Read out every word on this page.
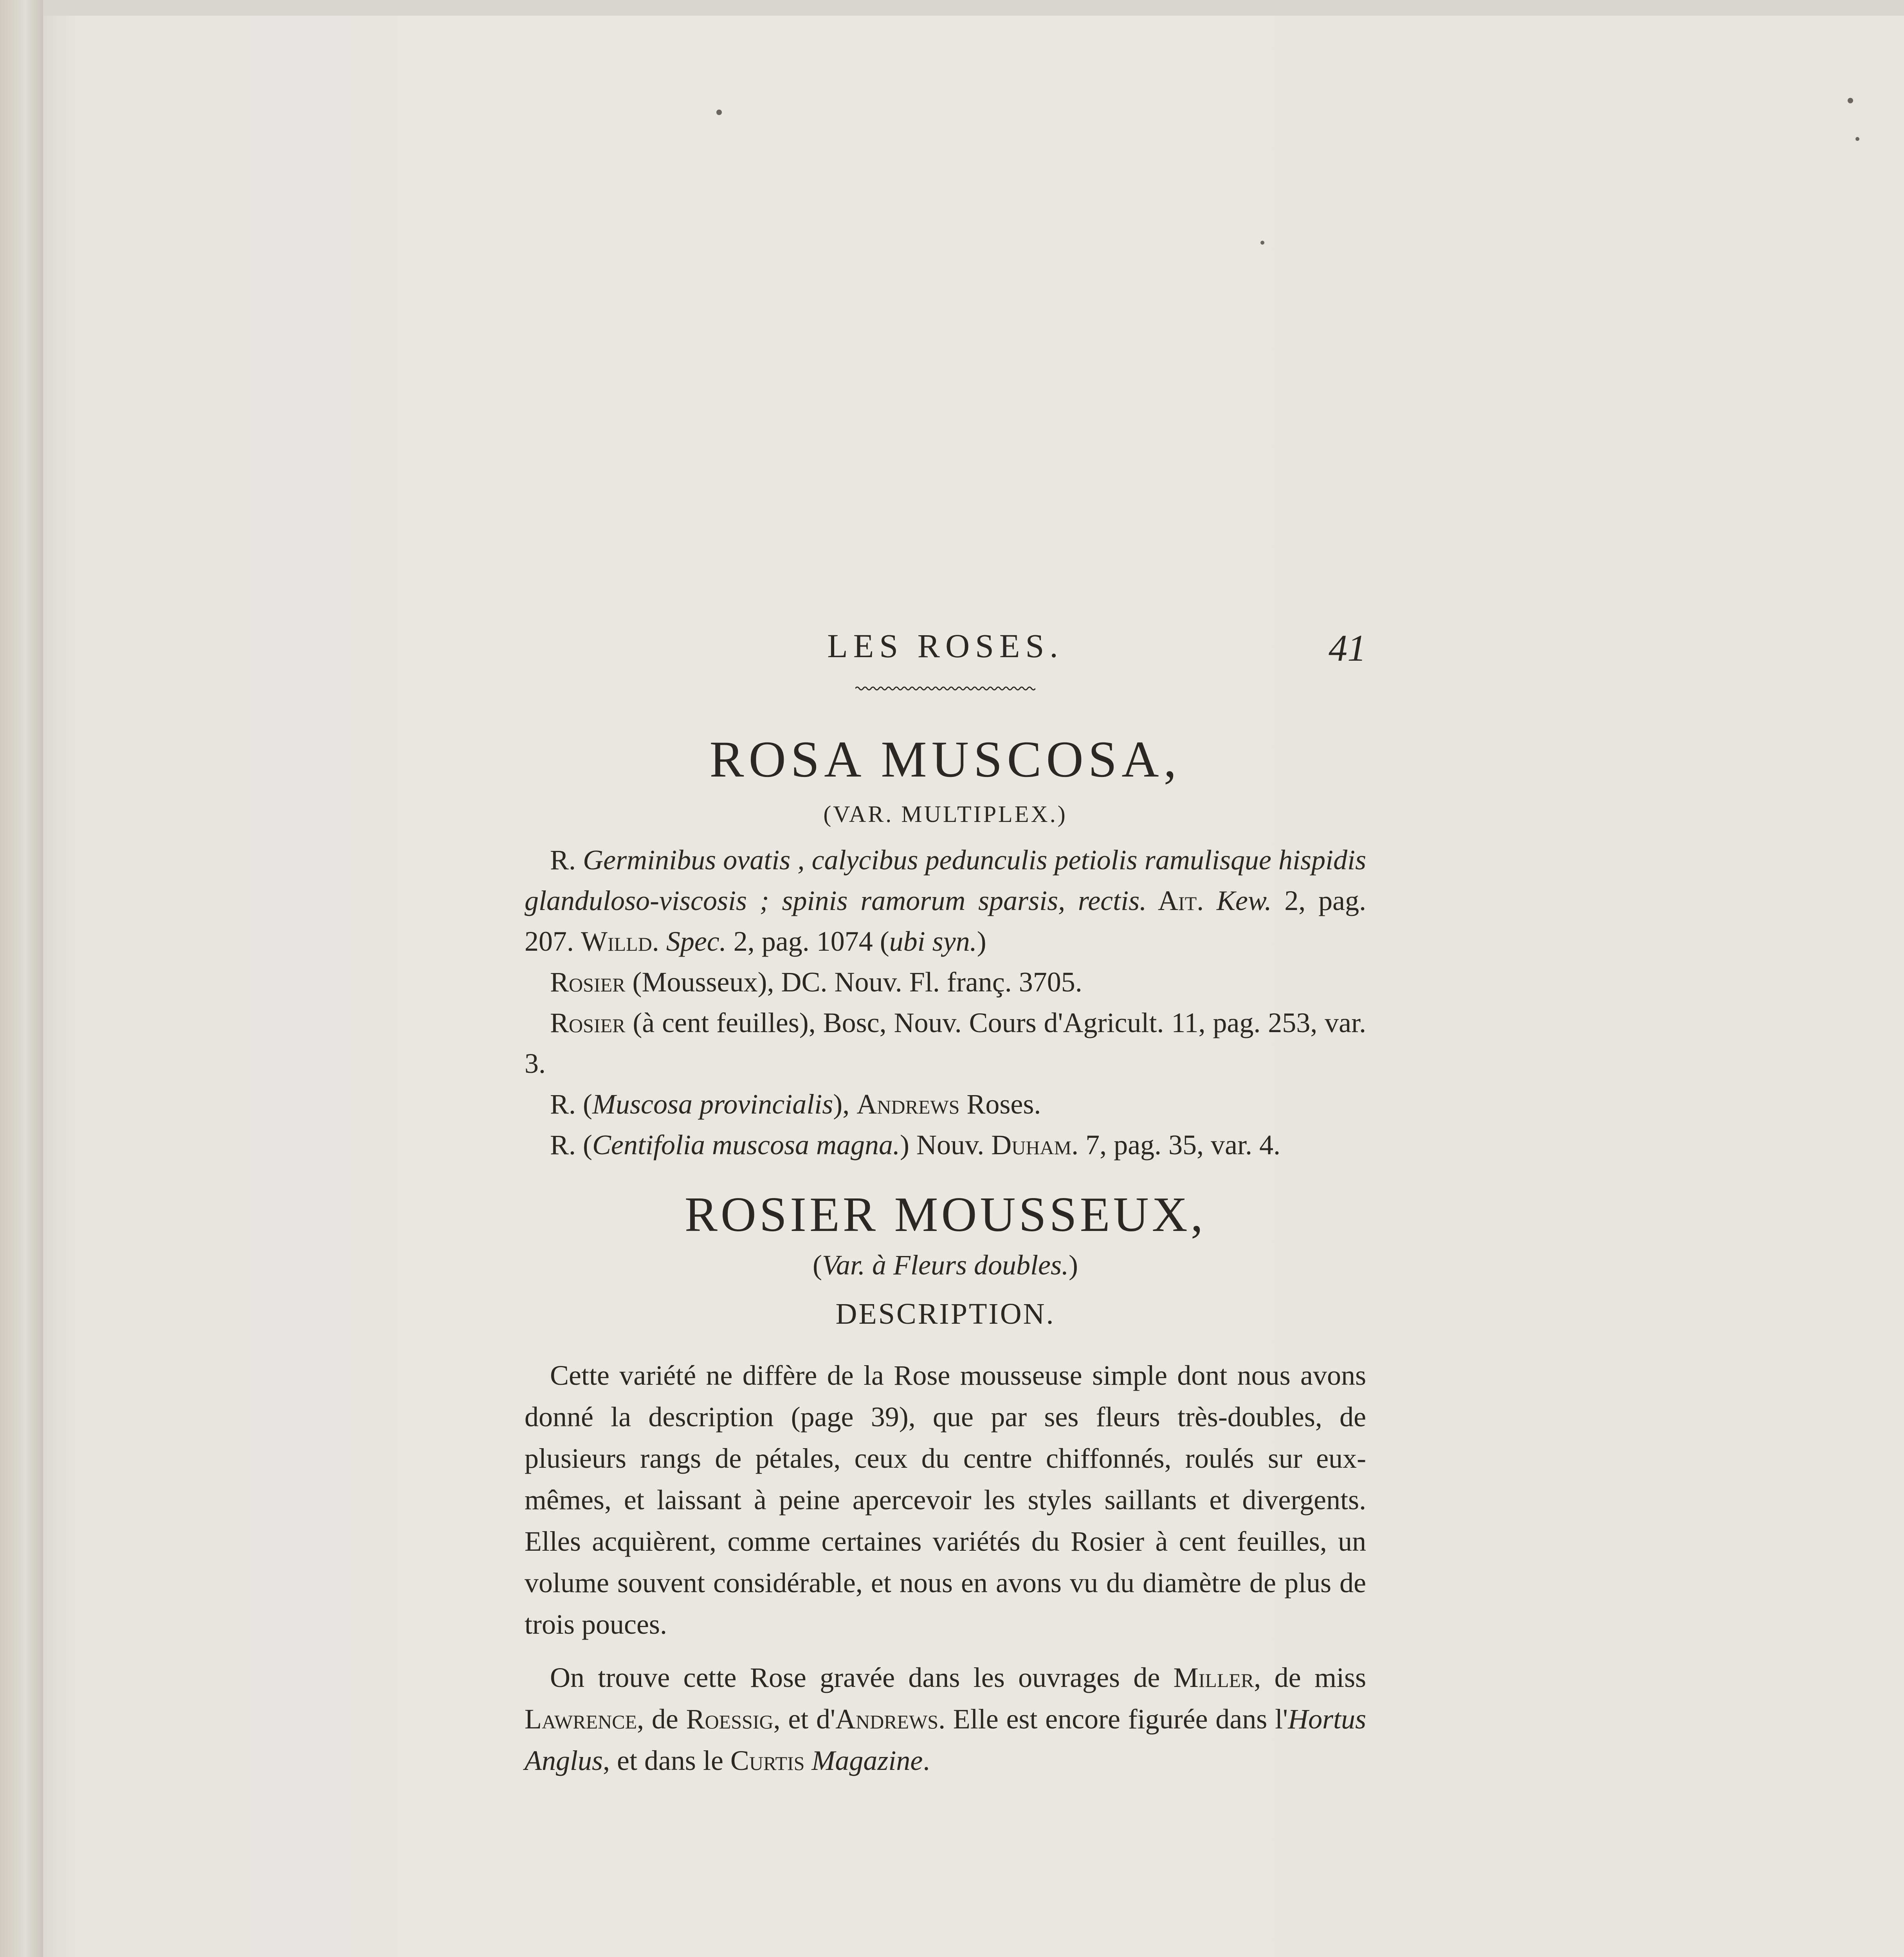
LES ROSES.	41
ROSA MUSCOSA,
(VAR. MULTIPLEX.)

R. Germinibus ovatis , calycibus pedunculis petiolis ramulisque hispidis glanduloso-viscosis ; spinis ramorum sparsis, rectis. Ait. Kew. 2, pag. 207. Willd. Spec. 2, pag. 1074 (ubi syn.)

Rosier (Mousseux), DC. Nouv. Fl. franç. 3705.

Rosier (à cent feuilles), Bosc, Nouv. Cours d'Agricult. 11, pag. 253, var. 3.

R. (Muscosa provincialis), Andrews Roses.

R. (Centifolia muscosa magna.) Nouv. Duham. 7, pag. 35, var. 4.

ROSIER MOUSSEUX,
(Var. à Fleurs doubles.)
DESCRIPTION.

Cette variété ne diffère de la Rose mousseuse simple dont nous avons donné la description (page 39), que par ses fleurs très-doubles, de plusieurs rangs de pétales, ceux du centre chiffonnés, roulés sur eux-mêmes, et laissant à peine apercevoir les styles saillants et divergents. Elles acquièrent, comme certaines variétés du Rosier à cent feuilles, un volume souvent considérable, et nous en avons vu du diamètre de plus de trois pouces.

On trouve cette Rose gravée dans les ouvrages de Miller, de miss Lawrence, de Roessig, et d'Andrews. Elle est encore figurée dans l'Hortus Anglus, et dans le Curtis Magazine.
